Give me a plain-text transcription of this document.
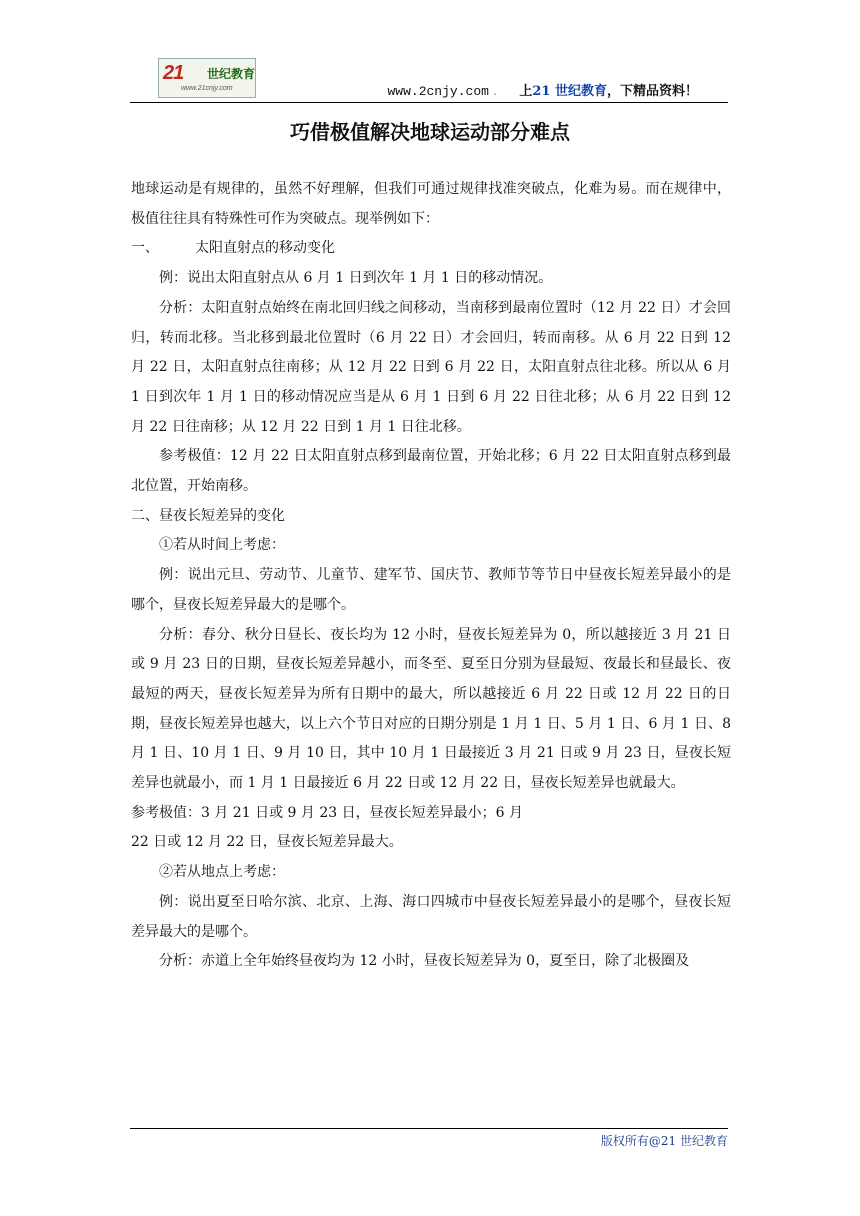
21 世纪教育
www.21cnjy.com	www.2cnjy.com . 上21 世纪教育，下精品资料！
巧借极值解决地球运动部分难点

地球运动是有规律的，虽然不好理解，但我们可通过规律找准突破点，化难为易。而在规律中，极值往往具有特殊性可作为突破点。现举例如下：

一、	太阳直射点的移动变化

例：说出太阳直射点从 6 月 1 日到次年 1 月 1 日的移动情况。

分析：太阳直射点始终在南北回归线之间移动，当南移到最南位置时（12 月 22 日）才会回归，转而北移。当北移到最北位置时（6 月 22 日）才会回归，转而南移。从 6 月 22 日到 12 月 22 日，太阳直射点往南移；从 12 月 22 日到 6 月 22 日，太阳直射点往北移。所以从 6 月 1 日到次年 1 月 1 日的移动情况应当是从 6 月 1 日到 6 月 22 日往北移；从 6 月 22 日到 12 月 22 日往南移；从 12 月 22 日到 1 月 1 日往北移。

参考极值：12 月 22 日太阳直射点移到最南位置，开始北移；6 月 22 日太阳直射点移到最北位置，开始南移。

二、昼夜长短差异的变化

①若从时间上考虑：

例：说出元旦、劳动节、儿童节、建军节、国庆节、教师节等节日中昼夜长短差异最小的是哪个，昼夜长短差异最大的是哪个。

分析：春分、秋分日昼长、夜长均为 12 小时，昼夜长短差异为 0，所以越接近 3 月 21 日或 9 月 23 日的日期，昼夜长短差异越小，而冬至、夏至日分别为昼最短、夜最长和昼最长、夜最短的两天，昼夜长短差异为所有日期中的最大，所以越接近 6 月 22 日或 12 月 22 日的日期，昼夜长短差异也越大，以上六个节日对应的日期分别是 1 月 1 日、5 月 1 日、6 月 1 日、8 月 1 日、10 月 1 日、9 月 10 日，其中 10 月 1 日最接近 3 月 21 日或 9 月 23 日，昼夜长短差异也就最小，而 1 月 1 日最接近 6 月 22 日或 12 月 22 日，昼夜长短差异也就最大。

参考极值：3 月 21 日或 9 月 23 日，昼夜长短差异最小；6 月

22 日或 12 月 22 日，昼夜长短差异最大。

②若从地点上考虑：

例：说出夏至日哈尔滨、北京、上海、海口四城市中昼夜长短差异最小的是哪个，昼夜长短差异最大的是哪个。

分析：赤道上全年始终昼夜均为 12 小时，昼夜长短差异为 0，夏至日，除了北极圈及

版权所有@21 世纪教育
